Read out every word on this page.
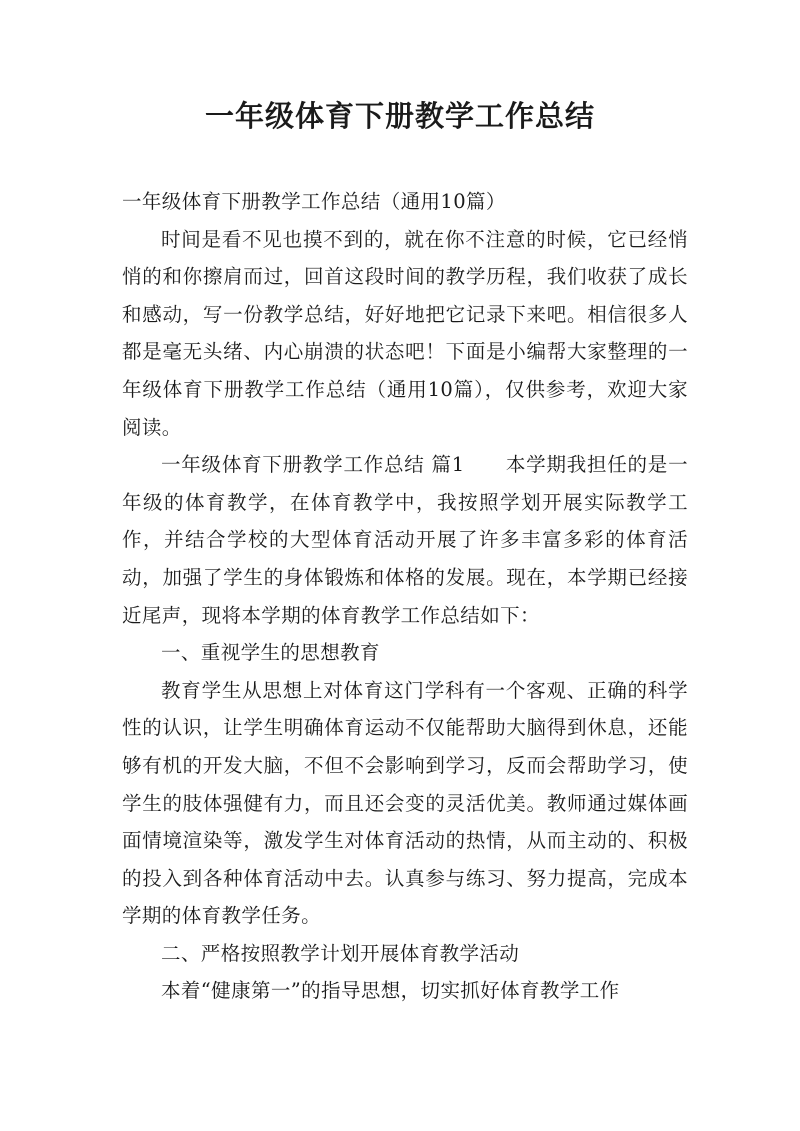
一年级体育下册教学工作总结

一年级体育下册教学工作总结（通用10篇）

时间是看不见也摸不到的，就在你不注意的时候，它已经悄悄的和你擦肩而过，回首这段时间的教学历程，我们收获了成长和感动，写一份教学总结，好好地把它记录下来吧。相信很多人都是毫无头绪、内心崩溃的状态吧！下面是小编帮大家整理的一年级体育下册教学工作总结（通用10篇），仅供参考，欢迎大家阅读。

一年级体育下册教学工作总结 篇1 本学期我担任的是一年级的体育教学，在体育教学中，我按照学划开展实际教学工作，并结合学校的大型体育活动开展了许多丰富多彩的体育活动，加强了学生的身体锻炼和体格的发展。现在，本学期已经接近尾声，现将本学期的体育教学工作总结如下：

一、重视学生的思想教育

教育学生从思想上对体育这门学科有一个客观、正确的科学性的认识，让学生明确体育运动不仅能帮助大脑得到休息，还能够有机的开发大脑，不但不会影响到学习，反而会帮助学习，使学生的肢体强健有力，而且还会变的灵活优美。教师通过媒体画面情境渲染等，激发学生对体育活动的热情，从而主动的、积极的投入到各种体育活动中去。认真参与练习、努力提高，完成本学期的体育教学任务。

二、严格按照教学计划开展体育教学活动

本着“健康第一”的指导思想，切实抓好体育教学工作
